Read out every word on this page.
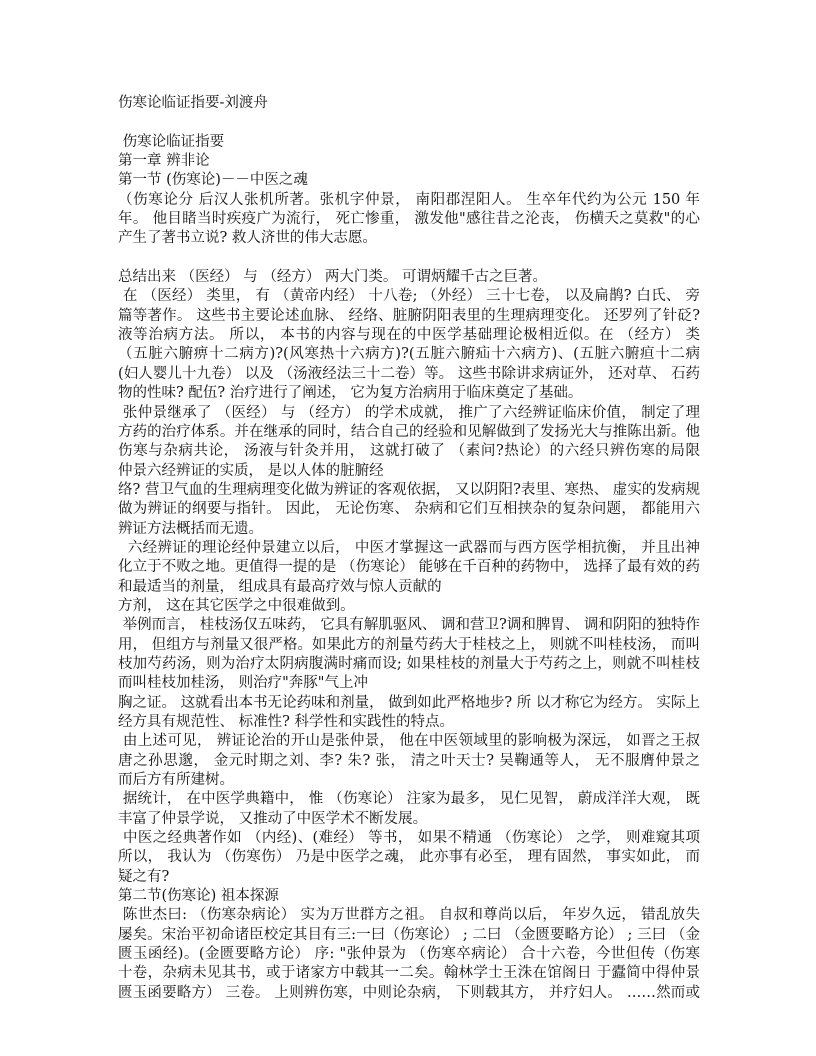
伤寒论临证指要-刘渡舟
伤寒论临证指要
第一章 辨非论
第一节 (伤寒论)－－中医之魂
（伤寒论分 后汉人张机所著。张机字仲景， 南阳郡涅阳人。 生卒年代约为公元 150 年
年。 他目睹当时疾疫广为流行， 死亡惨重， 激发他"感往昔之沦丧， 伤横夭之莫救"的心
产生了著书立说? 救人济世的伟大志愿。
总结出来 （医经） 与 （经方） 两大门类。 可谓炳耀千古之巨著。
在 （医经） 类里， 有 （黄帝内经） 十八卷; （外经） 三十七卷， 以及扁鹊? 白氏、 旁
篇等著作。 这些书主要论述血脉、 经络、脏腑阴阳表里的生理病理变化。 还罗列了针砭?
液等治病方法。 所以， 本书的内容与现在的中医学基础理论极相近似。在 （经方） 类
（五脏六腑痹十二病方)?(风寒热十六病方)?(五脏六腑疝十六病方)、(五脏六腑疸十二病
(妇人婴儿十九卷） 以及 （汤液经法三十二卷）等。 这些书除讲求病证外， 还对草、 石药
物的性味? 配伍? 治疗进行了阐述， 它为复方治病用于临床奠定了基础。
张仲景继承了 （医经） 与 （经方） 的学术成就， 推广了六经辨证临床价值， 制定了理
方药的治疗体系。并在继承的同时，结合自己的经验和见解做到了发扬光大与推陈出新。他
伤寒与杂病共论， 汤液与针灸并用， 这就打破了 （素问?热论）的六经只辨伤寒的局限
仲景六经辨证的实质， 是以人体的脏腑经
络? 营卫气血的生理病理变化做为辨证的客观依据， 又以阴阳?表里、寒热、 虚实的发病规
做为辨证的纲要与指针。 因此， 无论伤寒、 杂病和它们互相挟杂的复杂问题， 都能用六
辨证方法概括而无遗。
六经辨证的理论经仲景建立以后， 中医才掌握这一武器而与西方医学相抗衡， 并且出神
化立于不败之地。更值得一提的是 （伤寒论） 能够在千百种的药物中， 选择了最有效的药
和最适当的剂量， 组成具有最高疗效与惊人贡献的
方剂， 这在其它医学之中很难做到。
举例而言， 桂枝汤仅五味药， 它具有解肌驱风、 调和营卫?调和脾胃、 调和阴阳的独特作
用， 但组方与剂量又很严格。如果此方的剂量芍药大于桂枝之上， 则就不叫桂枝汤， 而叫
枝加芍药汤，则为治疗太阴病腹满时痛而设; 如果桂枝的剂量大于芍药之上，则就不叫桂枝
而叫桂枝加桂汤， 则治疗"奔豚"气上冲
胸之证。 这就看出本书无论药味和剂量， 做到如此严格地步? 所 以才称它为经方。 实际上
经方具有规范性、 标准性? 科学性和实践性的特点。
由上述可见， 辨证论治的开山是张仲景， 他在中医领域里的影响极为深远， 如晋之王叔
唐之孙思邈， 金元时期之刘、李? 朱? 张， 清之叶天士? 吴鞠通等人， 无不服膺仲景之
而后方有所建树。
据统计， 在中医学典籍中， 惟 （伤寒论） 注家为最多， 见仁见智， 蔚成洋洋大观， 既
丰富了仲景学说， 又推动了中医学术不断发展。
中医之经典著作如 （内经)、(难经） 等书， 如果不精通 （伤寒论） 之学， 则难窥其项
所以， 我认为 （伤寒伤） 乃是中医学之魂， 此亦事有必至， 理有固然， 事实如此， 而
疑之有?
第二节(伤寒论) 祖本探源
陈世杰曰: （伤寒杂病论） 实为万世群方之祖。 自叔和尊尚以后， 年岁久远， 错乱放失
屡矣。宋治平初命诸臣校定其目有三:一曰（伤寒论） ; 二曰 （金匮要略方论） ; 三曰 （金
匮玉函经)。(金匮要略方论） 序: "张仲景为 （伤寒卒病论） 合十六卷，今世但传（伤寒
十卷，杂病未见其书，或于诸家方中载其一二矣。翰林学士王洙在馆阁日 于蠹简中得仲景
匮玉函要略方） 三卷。 上则辨伤寒，中则论杂病， 下则载其方， 并疗妇人。 ……然而或
